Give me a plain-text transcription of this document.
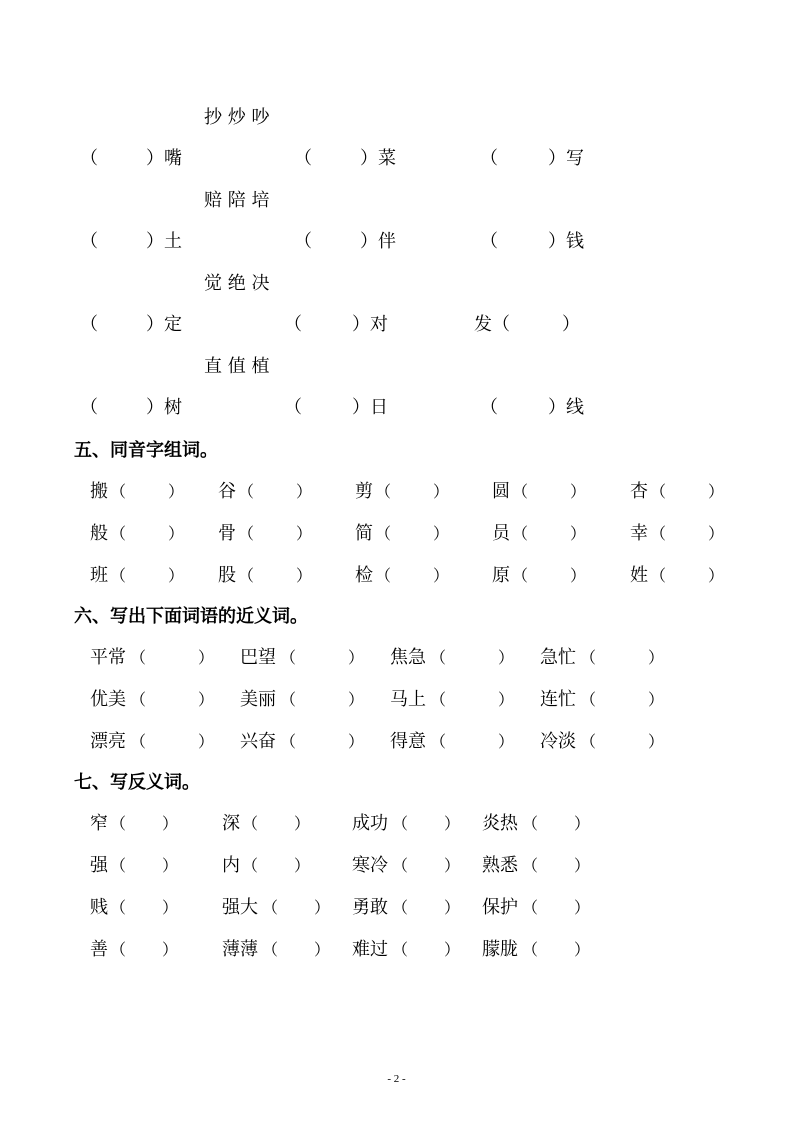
抄 炒 吵
（	）嘴	（	）菜	（	）写
赔 陪 培
（	）土	（	）伴	（	）钱
觉 绝 决
（	）定	（	）对	发（	）
直 值 植
（	）树	（	）日	（	）线
五、同音字组词。
搬 （	） 谷 （	） 剪 （	） 圆 （	） 杏 （	）
般 （	） 骨 （	） 简 （	） 员 （	） 幸 （	）
班 （	） 股 （	） 检 （	） 原 （	） 姓 （	）
六、写出下面词语的近义词。
平常 （	） 巴望 （	） 焦急 （	） 急忙 （	）
优美 （	） 美丽 （	） 马上 （	） 连忙 （	）
漂亮 （	） 兴奋 （	） 得意 （	） 冷淡 （	）
七、写反义词。
窄 （ ） 深 （ ） 成功 （ ） 炎热 （ ）
强 （ ） 内 （ ） 寒冷 （ ） 熟悉 （ ）
贱 （ ） 强大 （ ） 勇敢 （ ） 保护 （ ）
善 （ ） 薄薄 （ ） 难过 （ ） 朦胧 （ ）
- 2 -
